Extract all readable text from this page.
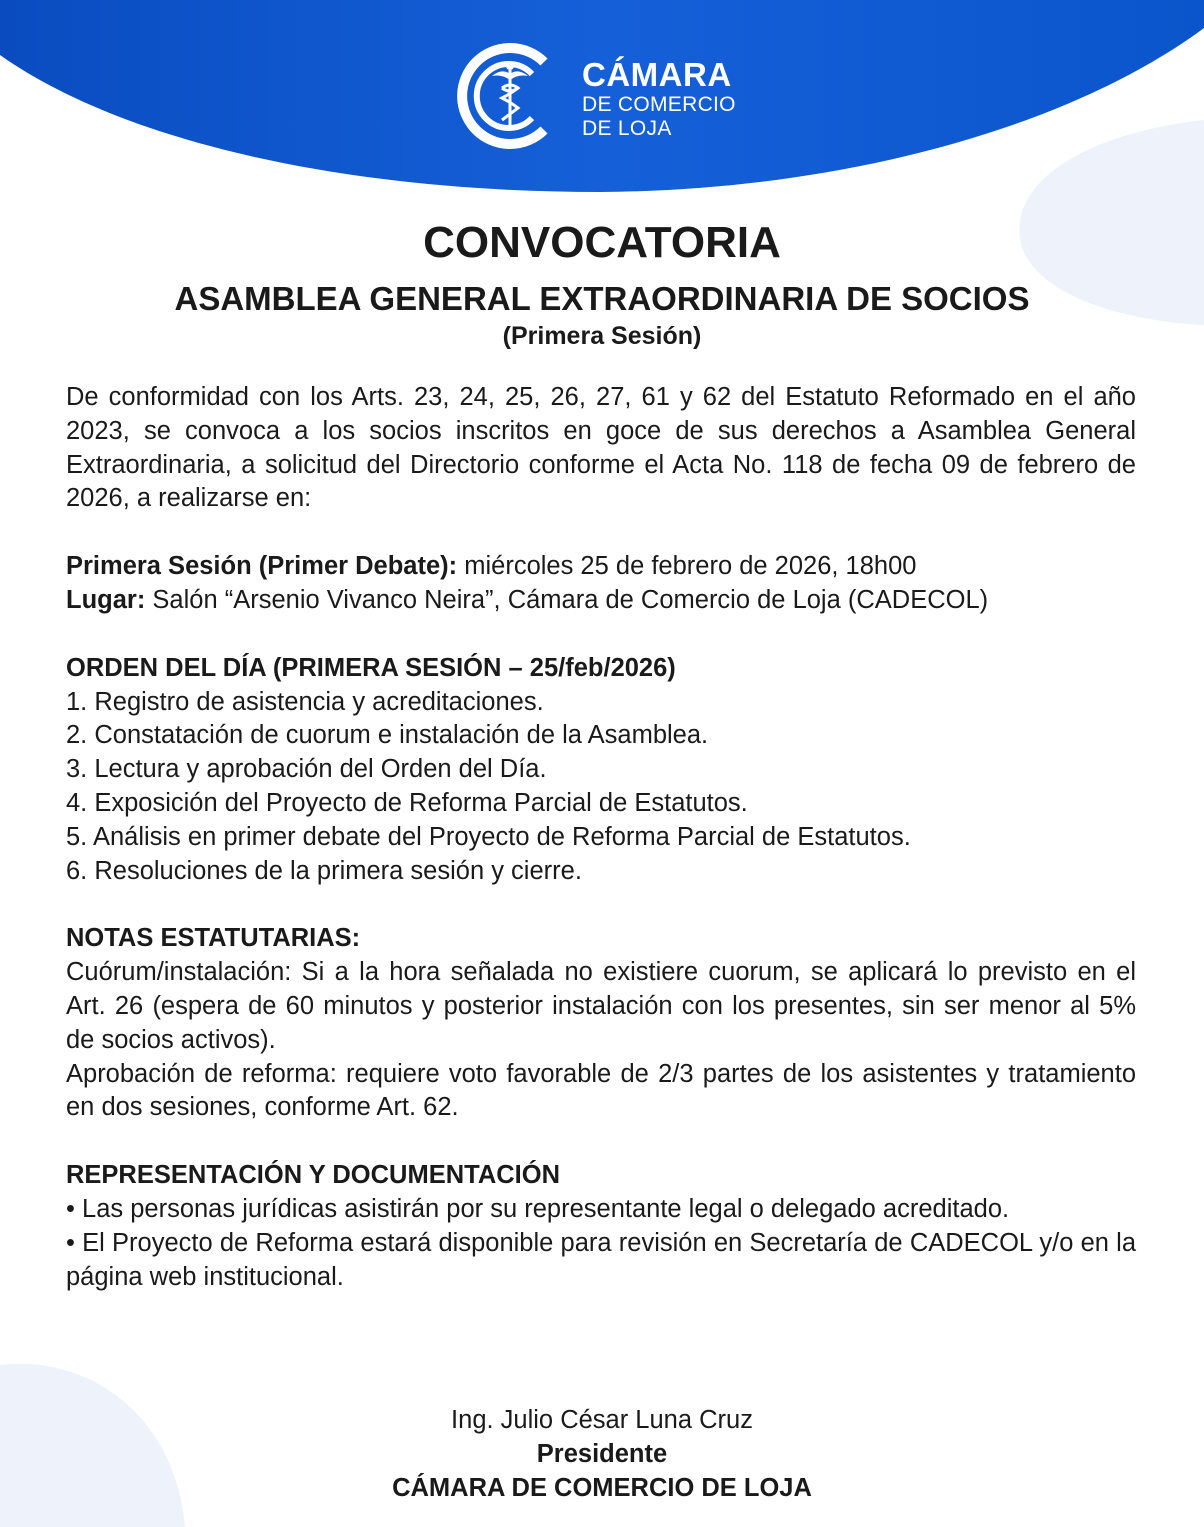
CÁMARA
DE COMERCIO
DE LOJA
CONVOCATORIA
ASAMBLEA GENERAL EXTRAORDINARIA DE SOCIOS
(Primera Sesión)

De conformidad con los Arts. 23, 24, 25, 26, 27, 61 y 62 del Estatuto Reformado en el año 2023, se convoca a los socios inscritos en goce de sus derechos a Asamblea General Extraordinaria, a solicitud del Directorio conforme el Acta No. 118 de fecha 09 de febrero de 2026, a realizarse en:

Primera Sesión (Primer Debate): miércoles 25 de febrero de 2026, 18h00

Lugar: Salón “Arsenio Vivanco Neira”, Cámara de Comercio de Loja (CADECOL)

ORDEN DEL DÍA (PRIMERA SESIÓN – 25/feb/2026)

1. Registro de asistencia y acreditaciones.

2. Constatación de cuorum e instalación de la Asamblea.

3. Lectura y aprobación del Orden del Día.

4. Exposición del Proyecto de Reforma Parcial de Estatutos.

5. Análisis en primer debate del Proyecto de Reforma Parcial de Estatutos.

6. Resoluciones de la primera sesión y cierre.

NOTAS ESTATUTARIAS:

Cuórum/instalación: Si a la hora señalada no existiere cuorum, se aplicará lo previsto en el Art. 26 (espera de 60 minutos y posterior instalación con los presentes, sin ser menor al 5% de socios activos).

Aprobación de reforma: requiere voto favorable de 2/3 partes de los asistentes y tratamiento en dos sesiones, conforme Art. 62.

REPRESENTACIÓN Y DOCUMENTACIÓN

• Las personas jurídicas asistirán por su representante legal o delegado acreditado.

• El Proyecto de Reforma estará disponible para revisión en Secretaría de CADECOL y/o en la página web institucional.

Ing. Julio César Luna Cruz
Presidente
CÁMARA DE COMERCIO DE LOJA
